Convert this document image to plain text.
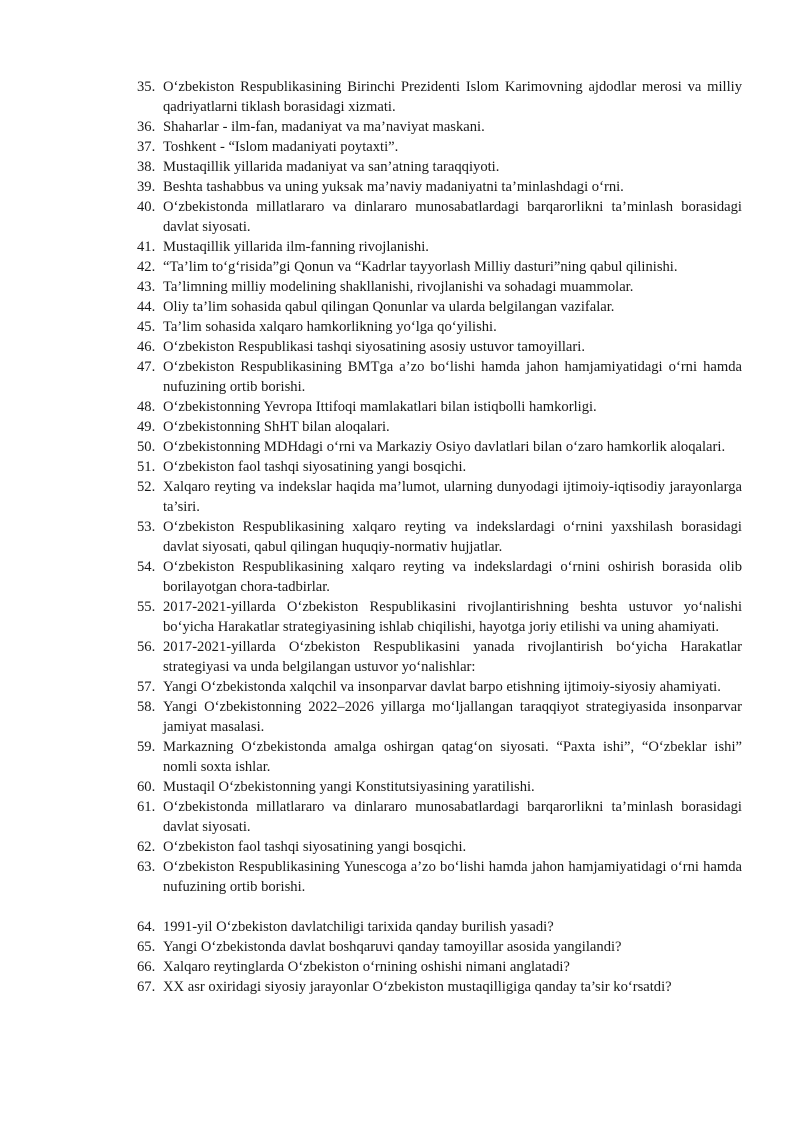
35. O‘zbekiston Respublikasining Birinchi Prezidenti Islom Karimovning ajdodlar merosi va milliy qadriyatlarni tiklash borasidagi xizmati.
36. Shaharlar - ilm-fan, madaniyat va ma’naviyat maskani.
37. Toshkent - “Islom madaniyati poytaxti”.
38. Mustaqillik yillarida madaniyat va san’atning taraqqiyoti.
39. Beshta tashabbus va uning yuksak ma’naviy madaniyatni ta’minlashdagi o‘rni.
40. O‘zbekistonda millatlararo va dinlararo munosabatlardagi barqarorlikni ta’minlash borasidagi davlat siyosati.
41. Mustaqillik yillarida ilm-fanning rivojlanishi.
42. “Ta’lim to‘g‘risida”gi Qonun va “Kadrlar tayyorlash Milliy dasturi”ning qabul qilinishi.
43. Ta’limning milliy modelining shakllanishi, rivojlanishi va sohadagi muammolar.
44. Oliy ta’lim sohasida qabul qilingan Qonunlar va ularda belgilangan vazifalar.
45. Ta’lim sohasida xalqaro hamkorlikning yo‘lga qo‘yilishi.
46. O‘zbekiston Respublikasi tashqi siyosatining asosiy ustuvor tamoyillari.
47. O‘zbekiston Respublikasining BMTga a’zo bo‘lishi hamda jahon hamjamiyatidagi o‘rni hamda nufuzining ortib borishi.
48. O‘zbekistonning Yevropa Ittifoqi mamlakatlari bilan istiqbolli hamkorligi.
49. O‘zbekistonning ShHT bilan aloqalari.
50. O‘zbekistonning MDHdagi o‘rni va Markaziy Osiyo davlatlari bilan o‘zaro hamkorlik aloqalari.
51. O‘zbekiston faol tashqi siyosatining yangi bosqichi.
52. Xalqaro reyting va indekslar haqida ma’lumot, ularning dunyodagi ijtimoiy-iqtisodiy jarayonlarga ta’siri.
53. O‘zbekiston Respublikasining xalqaro reyting va indekslardagi o‘rnini yaxshilash borasidagi davlat siyosati, qabul qilingan huquqiy-normativ hujjatlar.
54. O‘zbekiston Respublikasining xalqaro reyting va indekslardagi o‘rnini oshirish borasida olib borilayotgan chora-tadbirlar.
55. 2017-2021-yillarda O‘zbekiston Respublikasini rivojlantirishning beshta ustuvor yo‘nalishi bo‘yicha Harakatlar strategiyasining ishlab chiqilishi, hayotga joriy etilishi va uning ahamiyati.
56. 2017-2021-yillarda O‘zbekiston Respublikasini yanada rivojlantirish bo‘yicha Harakatlar strategiyasi va unda belgilangan ustuvor yo‘nalishlar:
57. Yangi O‘zbekistonda xalqchil va insonparvar davlat barpo etishning ijtimoiy-siyosiy ahamiyati.
58. Yangi O‘zbekistonning 2022–2026 yillarga mo‘ljallangan taraqqiyot strategiyasida insonparvar jamiyat masalasi.
59. Markazning O‘zbekistonda amalga oshirgan qatag‘on siyosati. “Paxta ishi”, “O‘zbeklar ishi” nomli soxta ishlar.
60. Mustaqil O‘zbekistonning yangi Konstitutsiyasining yaratilishi.
61. O‘zbekistonda millatlararo va dinlararo munosabatlardagi barqarorlikni ta’minlash borasidagi davlat siyosati.
62. O‘zbekiston faol tashqi siyosatining yangi bosqichi.
63. O‘zbekiston Respublikasining Yunescoga a’zo bo‘lishi hamda jahon hamjamiyatidagi o‘rni hamda nufuzining ortib borishi.
64. 1991-yil O‘zbekiston davlatchiligi tarixida qanday burilish yasadi?
65. Yangi O‘zbekistonda davlat boshqaruvi qanday tamoyillar asosida yangilandi?
66. Xalqaro reytinglarda O‘zbekiston o‘rnining oshishi nimani anglatadi?
67. XX asr oxiridagi siyosiy jarayonlar O‘zbekiston mustaqilligiga qanday ta’sir ko‘rsatdi?
